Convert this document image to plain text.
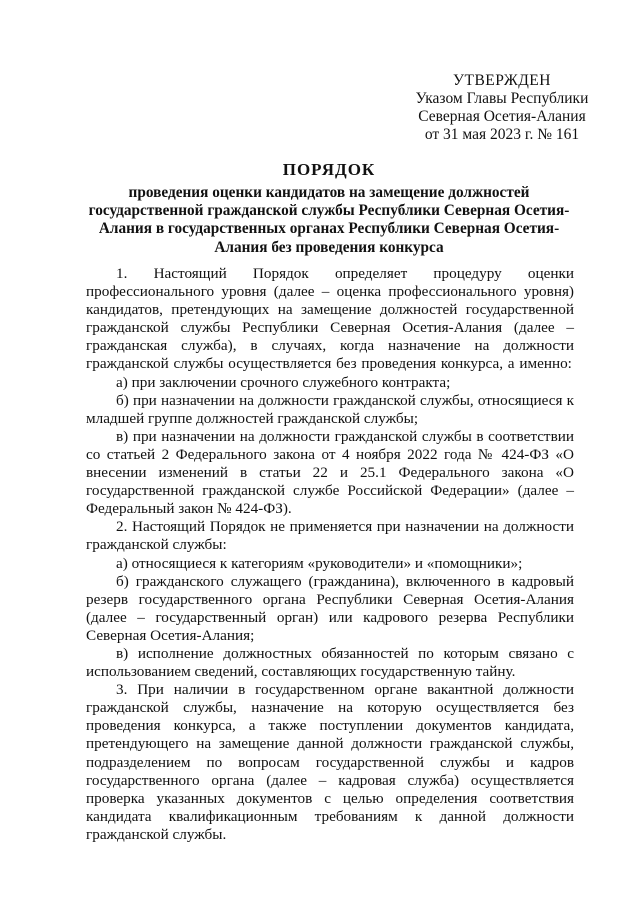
УТВЕРЖДЕН
Указом Главы Республики
Северная Осетия-Алания
от 31 мая 2023 г. № 161
ПОРЯДОК
проведения оценки кандидатов на замещение должностей государственной гражданской службы Республики Северная Осетия-Алания в государственных органах Республики Северная Осетия-Алания без проведения конкурса

1. Настоящий Порядок определяет процедуру оценки профессионального уровня (далее – оценка профессионального уровня) кандидатов, претендующих на замещение должностей государственной гражданской службы Республики Северная Осетия-Алания (далее – гражданская служба), в случаях, когда назначение на должности гражданской службы осуществляется без проведения конкурса, а именно:

а) при заключении срочного служебного контракта;

б) при назначении на должности гражданской службы, относящиеся к младшей группе должностей гражданской службы;

в) при назначении на должности гражданской службы в соответствии со статьей 2 Федерального закона от 4 ноября 2022 года № 424-ФЗ «О внесении изменений в статьи 22 и 25.1 Федерального закона «О государственной гражданской службе Российской Федерации» (далее – Федеральный закон № 424-ФЗ).

2. Настоящий Порядок не применяется при назначении на должности гражданской службы:

а) относящиеся к категориям «руководители» и «помощники»;

б) гражданского служащего (гражданина), включенного в кадровый резерв государственного органа Республики Северная Осетия-Алания (далее – государственный орган) или кадрового резерва Республики Северная Осетия-Алания;

в) исполнение должностных обязанностей по которым связано с использованием сведений, составляющих государственную тайну.

3. При наличии в государственном органе вакантной должности гражданской службы, назначение на которую осуществляется без проведения конкурса, а также поступлении документов кандидата, претендующего на замещение данной должности гражданской службы, подразделением по вопросам государственной службы и кадров государственного органа (далее – кадровая служба) осуществляется проверка указанных документов с целью определения соответствия кандидата квалификационным требованиям к данной должности гражданской службы.
